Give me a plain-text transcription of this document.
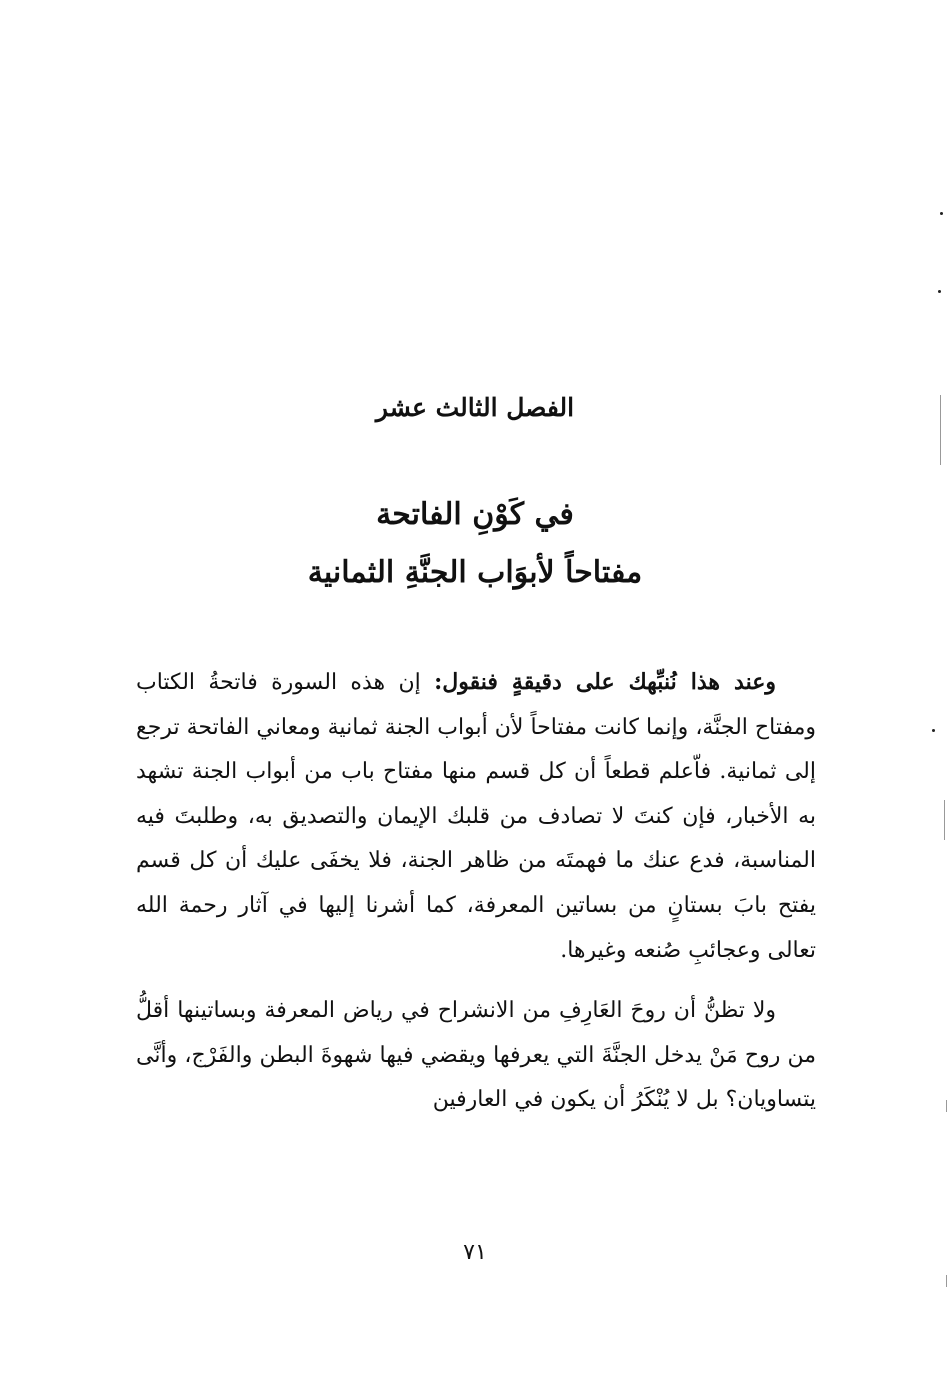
الفصل الثالث عشر
في كَوْنِ الفاتحة
مفتاحاً لأبوَاب الجنَّةِ الثمانية

وعند هذا نُنبِّهك على دقيقةٍ فنقول: إن هذه السورة فاتحةُ الكتاب ومفتاح الجنَّة، وإنما كانت مفتاحاً لأن أبواب الجنة ثمانية ومعاني الفاتحة ترجع إلى ثمانية. فاّعلم قطعاً أن كل قسم منها مفتاح باب من أبواب الجنة تشهد به الأخبار، فإن كنتَ لا تصادف من قلبك الإيمان والتصديق به، وطلبتَ فيه المناسبة، فدع عنك ما فهمتَه من ظاهر الجنة، فلا يخفَى عليك أن كل قسم يفتح بابَ بستانٍ من بساتين المعرفة، كما أشرنا إليها في آثار رحمة الله تعالى وعجائبِ صُنعه وغيرها.

ولا تظنُّ أن روحَ العَارِفِ من الانشراح في رياض المعرفة وبساتينها أقلُّ من روح مَنْ يدخل الجنَّةَ التي يعرفها ويقضي فيها شهوةَ البطن والفَرْج، وأنَّى يتساويان؟ بل لا يُنْكَرُ أن يكون في العارفين

٧١
